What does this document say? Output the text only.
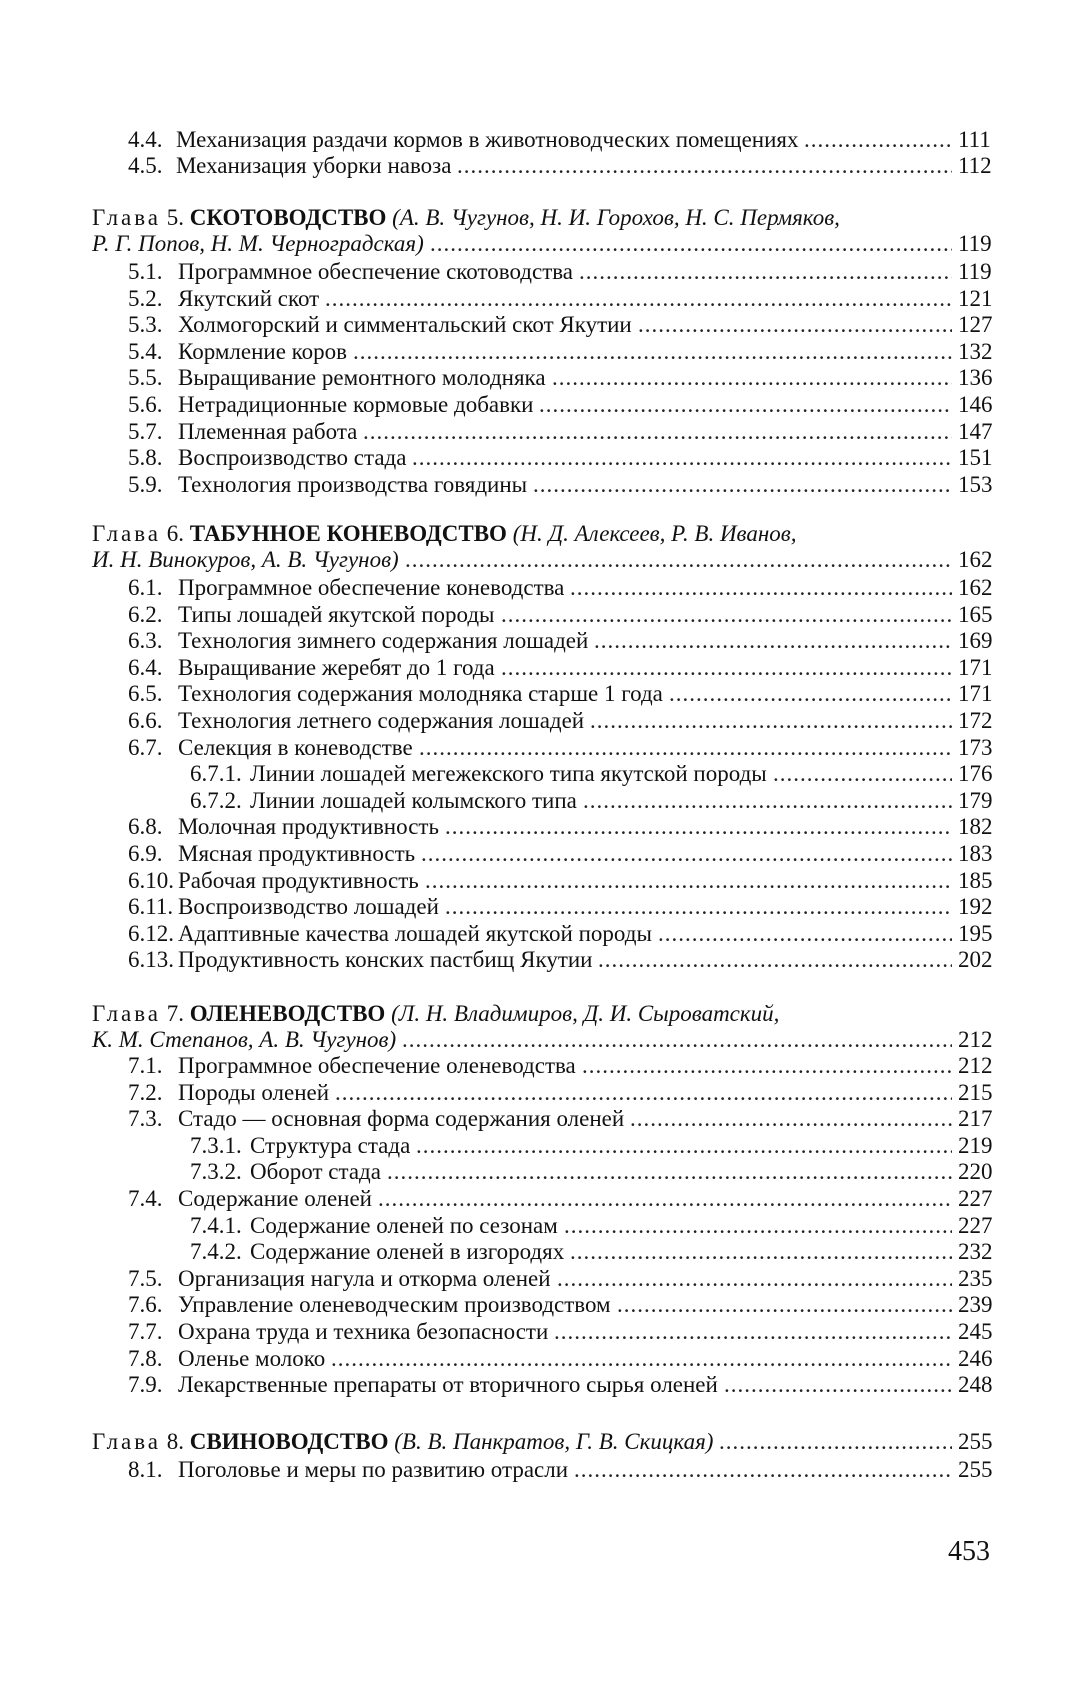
4.4. Механизация раздачи кормов в животноводческих помещениях .....	111
4.5. Механизация уборки навоза .....	112
Глава 5. СКОТОВОДСТВО (А. В. Чугунов, Н. И. Горохов, Н. С. Пермяков,
Р. Г. Попов, Н. М. Черноградская) .....	119
5.1. Программное обеспечение скотоводства .....	119
5.2. Якутский скот .....	121
5.3. Холмогорский и симментальский скот Якутии .....	127
5.4. Кормление коров .....	132
5.5. Выращивание ремонтного молодняка .....	136
5.6. Нетрадиционные кормовые добавки .....	146
5.7. Племенная работа .....	147
5.8. Воспроизводство стада .....	151
5.9. Технология производства говядины .....	153
Глава 6. ТАБУННОЕ КОНЕВОДСТВО (Н. Д. Алексеев, Р. В. Иванов,
И. Н. Винокуров, А. В. Чугунов) .....	162
6.1. Программное обеспечение коневодства .....	162
6.2. Типы лошадей якутской породы .....	165
6.3. Технология зимнего содержания лошадей .....	169
6.4. Выращивание жеребят до 1 года .....	171
6.5. Технология содержания молодняка старше 1 года .....	171
6.6. Технология летнего содержания лошадей .....	172
6.7. Селекция в коневодстве .....	173
6.7.1. Линии лошадей мегежекского типа якутской породы .....	176
6.7.2. Линии лошадей колымского типа .....	179
6.8. Молочная продуктивность .....	182
6.9. Мясная продуктивность .....	183
6.10. Рабочая продуктивность .....	185
6.11. Воспроизводство лошадей .....	192
6.12. Адаптивные качества лошадей якутской породы .....	195
6.13. Продуктивность конских пастбищ Якутии .....	202
Глава 7. ОЛЕНЕВОДСТВО (Л. Н. Владимиров, Д. И. Сыроватский,
К. М. Степанов, А. В. Чугунов) .....	212
7.1. Программное обеспечение оленеводства .....	212
7.2. Породы оленей .....	215
7.3. Стадо — основная форма содержания оленей .....	217
7.3.1. Структура стада .....	219
7.3.2. Оборот стада .....	220
7.4. Содержание оленей .....	227
7.4.1. Содержание оленей по сезонам .....	227
7.4.2. Содержание оленей в изгородях .....	232
7.5. Организация нагула и откорма оленей .....	235
7.6. Управление оленеводческим производством .....	239
7.7. Охрана труда и техника безопасности .....	245
7.8. Оленье молоко .....	246
7.9. Лекарственные препараты от вторичного сырья оленей .....	248
Глава 8. СВИНОВОДСТВО (В. В. Панкратов, Г. В. Скицкая) .....	255
8.1. Поголовье и меры по развитию отрасли .....	255
453
